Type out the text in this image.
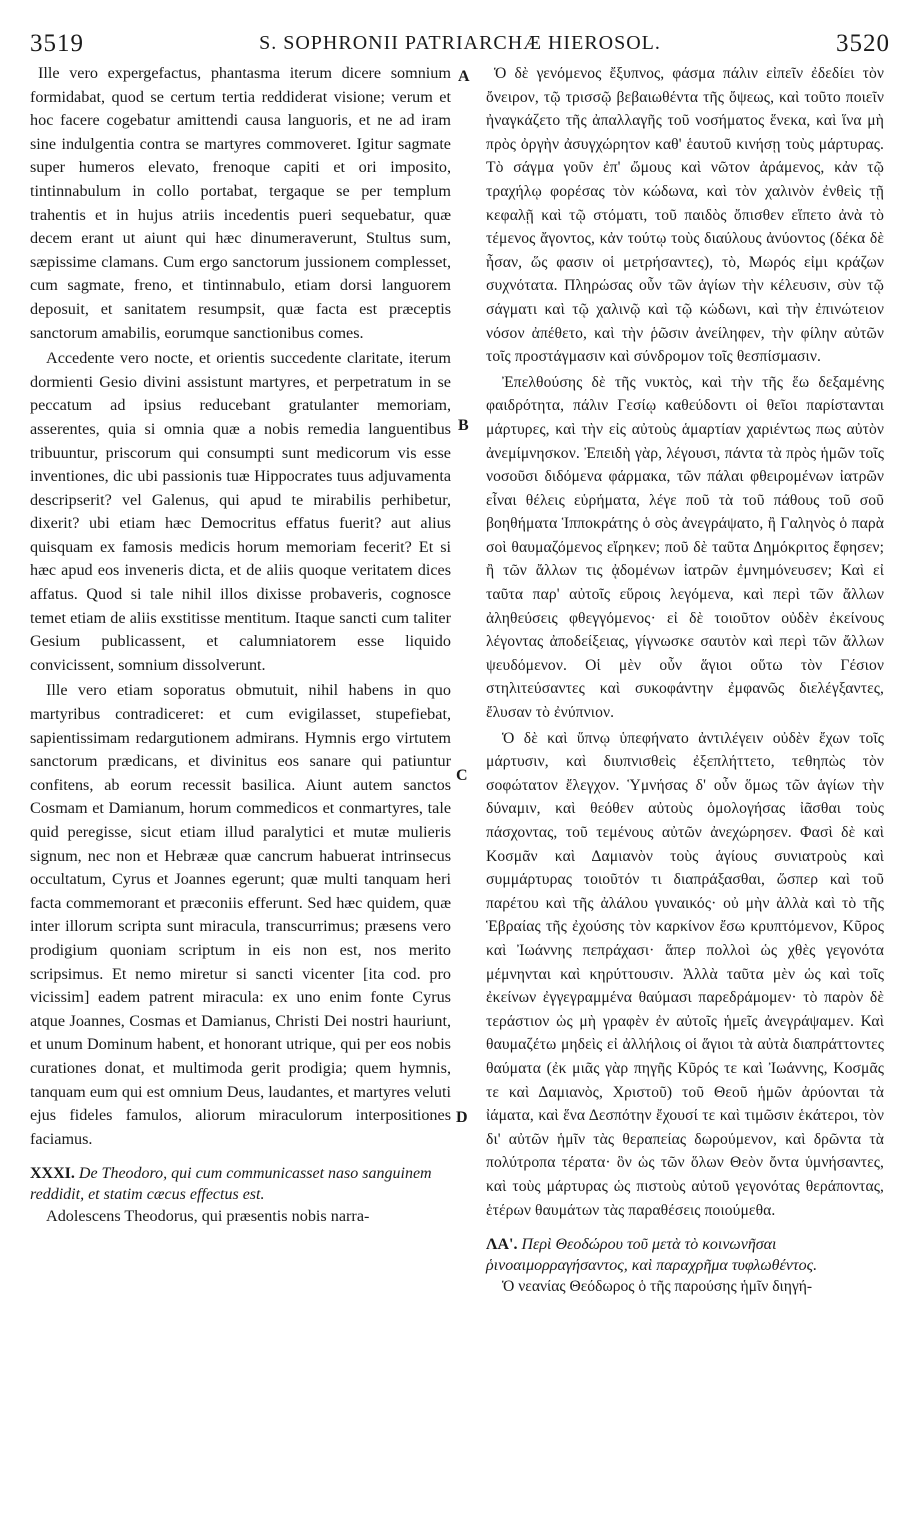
3519	S. SOPHRONII PATRIARCHÆ HIEROSOL.	3520

Ille vero expergefactus, phantasma iterum dicere somnium formidabat, quod se certum tertia reddiderat visione; verum et hoc facere cogebatur amittendi causa languoris, et ne ad iram sine indulgentia contra se martyres commoveret. Igitur sagmate super humeros elevato, frenoque capiti et ori imposito, tintinnabulum in collo portabat, tergaque se per templum trahentis et in hujus atriis incedentis pueri sequebatur, quæ decem erant ut aiunt qui hæc dinumeraverunt, Stultus sum, sæpissime clamans. Cum ergo sanctorum jussionem complesset, cum sagmate, freno, et tintinnabulo, etiam dorsi languorem deposuit, et sanitatem resumpsit, quæ facta est præceptis sanctorum amabilis, eorumque sanctionibus comes.

Accedente vero nocte, et orientis succedente claritate, iterum dormienti Gesio divini assistunt martyres, et perpetratum in se peccatum ad ipsius reducebant gratulanter memoriam, asserentes, quia si omnia quæ a nobis remedia languentibus tribuuntur, priscorum qui consumpti sunt medicorum vis esse inventiones, dic ubi passionis tuæ Hippocrates tuus adjuvamenta descripserit? vel Galenus, qui apud te mirabilis perhibetur, dixerit? ubi etiam hæc Democritus effatus fuerit? aut alius quisquam ex famosis medicis horum memoriam fecerit? Et si hæc apud eos inveneris dicta, et de aliis quoque veritatem dices affatus. Quod si tale nihil illos dixisse probaveris, cognosce temet etiam de aliis exstitisse mentitum. Itaque sancti cum taliter Gesium publicassent, et calumniatorem esse liquido convicissent, somnium dissolverunt.

Ille vero etiam soporatus obmutuit, nihil habens in quo martyribus contradiceret: et cum evigilasset, stupefiebat, sapientissimam redargutionem admirans. Hymnis ergo virtutem sanctorum prædicans, et divinitus eos sanare qui patiuntur confitens, ab eorum recessit basilica. Aiunt autem sanctos Cosmam et Damianum, horum commedicos et conmartyres, tale quid peregisse, sicut etiam illud paralytici et mutæ mulieris signum, nec non et Hebrææ quæ cancrum habuerat intrinsecus occultatum, Cyrus et Joannes egerunt; quæ multi tanquam heri facta commemorant et præconiis efferunt. Sed hæc quidem, quæ inter illorum scripta sunt miracula, transcurrimus; præsens vero prodigium quoniam scriptum in eis non est, nos merito scripsimus. Et nemo miretur si sancti vicenter [ita cod. pro vicissim] eadem patrent miracula: ex uno enim fonte Cyrus atque Joannes, Cosmas et Damianus, Christi Dei nostri hauriunt, et unum Dominum habent, et honorant utrique, qui per eos nobis curationes donat, et multimoda gerit prodigia; quem hymnis, tanquam eum qui est omnium Deus, laudantes, et martyres veluti ejus fideles famulos, aliorum miraculorum interpositiones faciamus.

XXXI. De Theodoro, qui cum communicasset naso sanguinem reddidit, et statim cæcus effectus est.

Adolescens Theodorus, qui præsentis nobis narra-

A
B
C
D

Ὁ δὲ γενόμενος ἔξυπνος, φάσμα πάλιν εἰπεῖν ἐδεδίει τὸν ὄνειρον, τῷ τρισσῷ βεβαιωθέντα τῆς ὄψεως, καὶ τοῦτο ποιεῖν ἠναγκάζετο τῆς ἀπαλλαγῆς τοῦ νοσήματος ἕνεκα, καὶ ἵνα μὴ πρὸς ὀργὴν ἀσυγχώρητον καθ' ἑαυτοῦ κινήσῃ τοὺς μάρτυρας. Τὸ σάγμα γοῦν ἐπ' ὤμους καὶ νῶτον ἀράμενος, κἀν τῷ τραχήλῳ φορέσας τὸν κώδωνα, καὶ τὸν χαλινὸν ἐνθεὶς τῇ κεφαλῇ καὶ τῷ στόματι, τοῦ παιδὸς ὄπισθεν εἵπετο ἀνὰ τὸ τέμενος ἄγοντος, κἀν τούτῳ τοὺς διαύλους ἀνύοντος (δέκα δὲ ἦσαν, ὥς φασιν οἱ μετρήσαντες), τὸ, Μωρός εἰμι κράζων συχνότατα. Πληρώσας οὖν τῶν ἁγίων τὴν κέλευσιν, σὺν τῷ σάγματι καὶ τῷ χαλινῷ καὶ τῷ κώδωνι, καὶ τὴν ἐπινώτειον νόσον ἀπέθετο, καὶ τὴν ῥῶσιν ἀνείληφεν, τὴν φίλην αὐτῶν τοῖς προστάγμασιν καὶ σύνδρομον τοῖς θεσπίσμασιν.

Ἐπελθούσης δὲ τῆς νυκτὸς, καὶ τὴν τῆς ἕω δεξαμένης φαιδρότητα, πάλιν Γεσίῳ καθεύδοντι οἱ θεῖοι παρίστανται μάρτυρες, καὶ τὴν εἰς αὐτοὺς ἁμαρτίαν χαριέντως πως αὐτὸν ἀνεμίμνησκον. Ἐπειδὴ γὰρ, λέγουσι, πάντα τὰ πρὸς ἡμῶν τοῖς νοσοῦσι διδόμενα φάρμακα, τῶν πάλαι φθειρομένων ἰατρῶν εἶναι θέλεις εὑρήματα, λέγε ποῦ τὰ τοῦ πάθους τοῦ σοῦ βοηθήματα Ἱπποκράτης ὁ σὸς ἀνεγράψατο, ἢ Γαληνὸς ὁ παρὰ σοὶ θαυμαζόμενος εἴρηκεν; ποῦ δὲ ταῦτα Δημόκριτος ἔφησεν; ἢ τῶν ἄλλων τις ᾀδομένων ἰατρῶν ἐμνημόνευσεν; Καὶ εἰ ταῦτα παρ' αὐτοῖς εὕροις λεγόμενα, καὶ περὶ τῶν ἄλλων ἀληθεύσεις φθεγγόμενος· εἰ δὲ τοιοῦτον οὐδὲν ἐκείνους λέγοντας ἀποδείξειας, γίγνωσκε σαυτὸν καὶ περὶ τῶν ἄλλων ψευδόμενον. Οἱ μὲν οὖν ἅγιοι οὕτω τὸν Γέσιον στηλιτεύσαντες καὶ συκοφάντην ἐμφανῶς διελέγξαντες, ἔλυσαν τὸ ἐνύπνιον.

Ὁ δὲ καὶ ὕπνῳ ὑπεφήνατο ἀντιλέγειν οὐδὲν ἔχων τοῖς μάρτυσιν, καὶ διυπνισθεὶς ἐξεπλήττετο, τεθηπὼς τὸν σοφώτατον ἔλεγχον. Ὑμνήσας δ' οὖν ὅμως τῶν ἁγίων τὴν δύναμιν, καὶ θεόθεν αὐτοὺς ὁμολογήσας ἰᾶσθαι τοὺς πάσχοντας, τοῦ τεμένους αὐτῶν ἀνεχώρησεν. Φασὶ δὲ καὶ Κοσμᾶν καὶ Δαμιανὸν τοὺς ἁγίους συνιατροὺς καὶ συμμάρτυρας τοιοῦτόν τι διαπράξασθαι, ὥσπερ καὶ τοῦ παρέτου καὶ τῆς ἀλάλου γυναικός· οὐ μὴν ἀλλὰ καὶ τὸ τῆς Ἑβραίας τῆς ἐχούσης τὸν καρκίνον ἔσω κρυπτόμενον, Κῦρος καὶ Ἰωάννης πεπράχασι· ἅπερ πολλοὶ ὡς χθὲς γεγονότα μέμνηνται καὶ κηρύττουσιν. Ἀλλὰ ταῦτα μὲν ὡς καὶ τοῖς ἐκείνων ἐγγεγραμμένα θαύμασι παρεδράμομεν· τὸ παρὸν δὲ τεράστιον ὡς μὴ γραφὲν ἐν αὐτοῖς ἡμεῖς ἀνεγράψαμεν. Καὶ θαυμαζέτω μηδεὶς εἰ ἀλλήλοις οἱ ἅγιοι τὰ αὐτὰ διαπράττοντες θαύματα (ἐκ μιᾶς γὰρ πηγῆς Κῦρός τε καὶ Ἰωάννης, Κοσμᾶς τε καὶ Δαμιανὸς, Χριστοῦ) τοῦ Θεοῦ ἡμῶν ἀρύονται τὰ ἰάματα, καὶ ἕνα Δεσπότην ἔχουσί τε καὶ τιμῶσιν ἑκάτεροι, τὸν δι' αὐτῶν ἡμῖν τὰς θεραπείας δωρούμενον, καὶ δρῶντα τὰ πολύτροπα τέρατα· ὃν ὡς τῶν ὅλων Θεὸν ὄντα ὑμνήσαντες, καὶ τοὺς μάρτυρας ὡς πιστοὺς αὐτοῦ γεγονότας θεράποντας, ἑτέρων θαυμάτων τὰς παραθέσεις ποιούμεθα.

ΛΑ'. Περὶ Θεοδώρου τοῦ μετὰ τὸ κοινωνῆσαι ῥινοαιμορραγήσαντος, καὶ παραχρῆμα τυφλωθέντος.

Ὁ νεανίας Θεόδωρος ὁ τῆς παρούσης ἡμῖν διηγή-
